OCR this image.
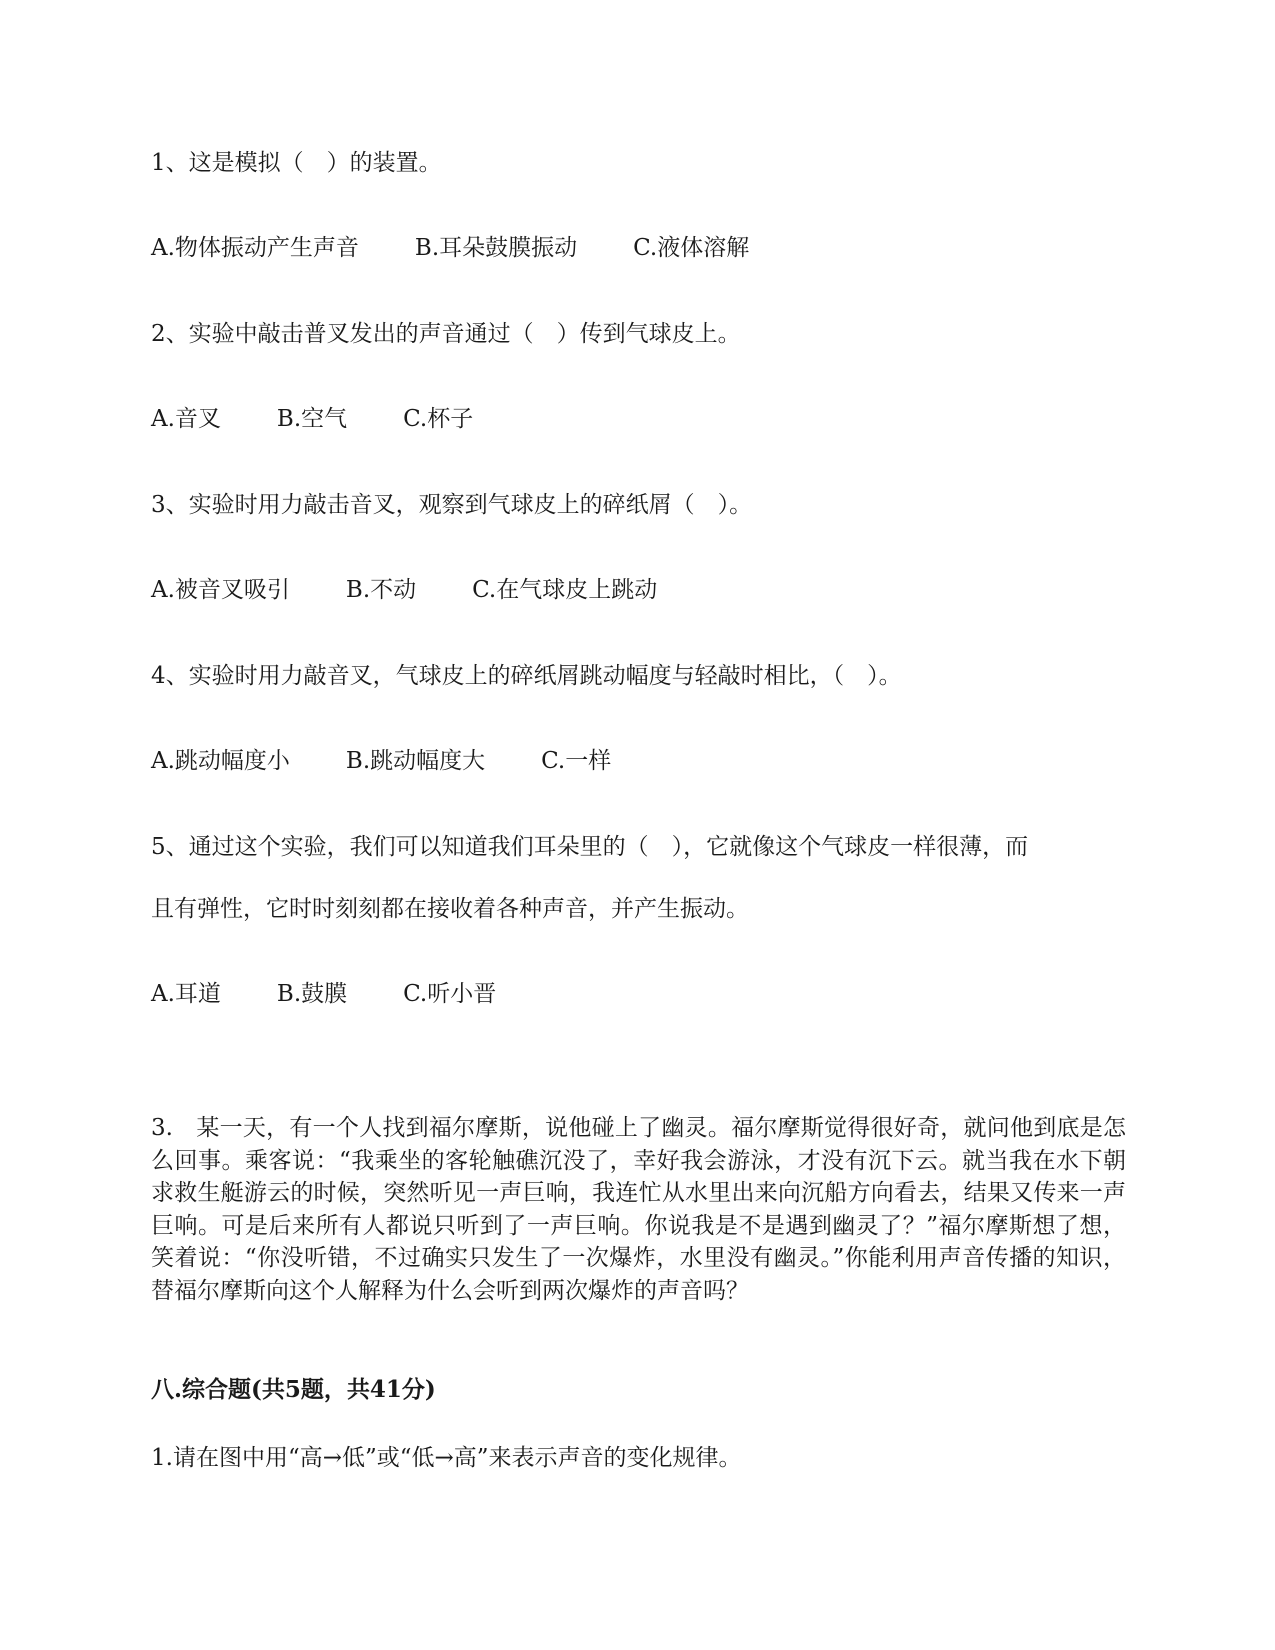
1、这是模拟（　）的装置。
A.物体振动产生声音 B.耳朵鼓膜振动 C.液体溶解
2、实验中敲击普叉发出的声音通过（　）传到气球皮上。
A.音叉 B.空气 C.杯子
3、实验时用力敲击音叉，观察到气球皮上的碎纸屑（　）。
A.被音叉吸引 B.不动 C.在气球皮上跳动
4、实验时用力敲音叉，气球皮上的碎纸屑跳动幅度与轻敲时相比，（　）。
A.跳动幅度小 B.跳动幅度大 C.一样
5、通过这个实验，我们可以知道我们耳朵里的（　），它就像这个气球皮一样很薄，而
且有弹性，它时时刻刻都在接收着各种声音，并产生振动。
A.耳道 B.鼓膜 C.听小晋
3.　某一天，有一个人找到福尔摩斯，说他碰上了幽灵。福尔摩斯觉得很好奇，就问他到底是怎么回事。乘客说：“我乘坐的客轮触礁沉没了，幸好我会游泳，才没有沉下云。就当我在水下朝求救生艇游云的时候，突然听见一声巨响，我连忙从水里出来向沉船方向看去，结果又传来一声巨响。可是后来所有人都说只听到了一声巨响。你说我是不是遇到幽灵了？”福尔摩斯想了想，笑着说：“你没听错，不过确实只发生了一次爆炸，水里没有幽灵。”你能利用声音传播的知识，替福尔摩斯向这个人解释为什么会听到两次爆炸的声音吗？
八.综合题(共5题，共41分)
1.请在图中用“高→低”或“低→高”来表示声音的变化规律。
